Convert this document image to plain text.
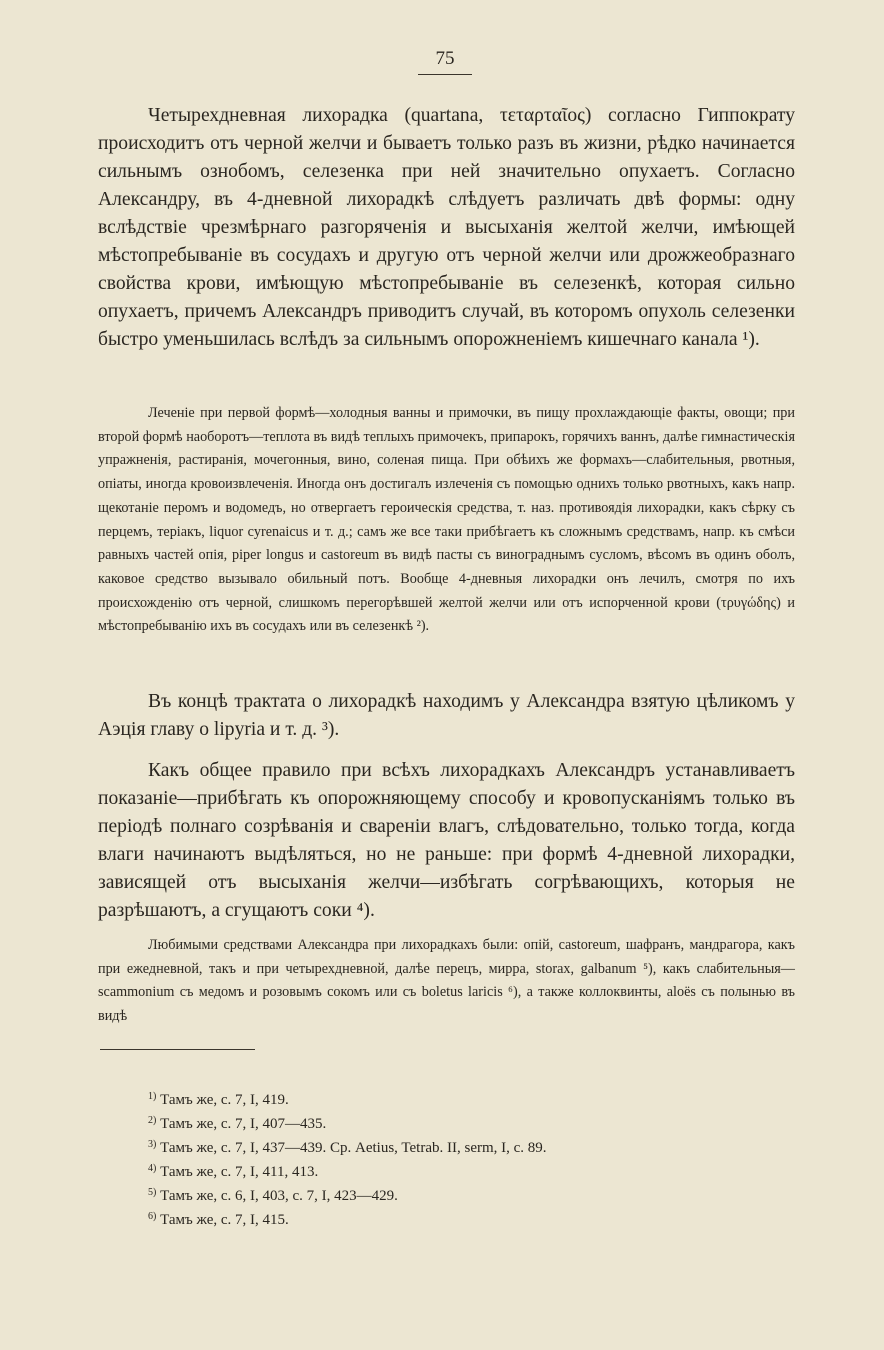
75

Четырехдневная лихорадка (quartana, τεταρταῖος) согласно Гиппократу происходитъ отъ черной желчи и бываетъ только разъ въ жизни, рѣдко начинается сильнымъ ознобомъ, селезенка при ней значительно опухаетъ. Согласно Александру, въ 4-дневной лихорадкѣ слѣдуетъ различать двѣ формы: одну вслѣдствіе чрезмѣрнаго разгоряченія и высыханія желтой желчи, имѣющей мѣстопребываніе въ сосудахъ и другую отъ черной желчи или дрожжеобразнаго свойства крови, имѣющую мѣстопребываніе въ селезенкѣ, которая сильно опухаетъ, причемъ Александръ приводитъ случай, въ которомъ опухоль селезенки быстро уменьшилась вслѣдъ за сильнымъ опорожненіемъ кишечнаго канала ¹).

Леченіе при первой формѣ—холодныя ванны и примочки, въ пищу прохлаждающіе факты, овощи; при второй формѣ наоборотъ—теплота въ видѣ теплыхъ примочекъ, припарокъ, горячихъ ваннъ, далѣе гимнастическія упражненія, растиранія, мочегонныя, вино, соленая пища. При обѣихъ же формахъ—слабительныя, рвотныя, опіаты, иногда кровоизвлеченія. Иногда онъ достигалъ излеченія съ помощью однихъ только рвотныхъ, какъ напр. щекотаніе перомъ и водомедъ, но отвергаетъ героическія средства, т. наз. противоядія лихорадки, какъ сѣрку съ перцемъ, теріакъ, liquor cyrenaicus и т. д.; самъ же все таки прибѣгаетъ къ сложнымъ средствамъ, напр. къ смѣси равныхъ частей опія, piper longus и castoreum въ видѣ пасты съ винограднымъ сусломъ, вѣсомъ въ одинъ оболъ, каковое средство вызывало обильный потъ. Вообще 4-дневныя лихорадки онъ лечилъ, смотря по ихъ происхожденію отъ черной, слишкомъ перегорѣвшей желтой желчи или отъ испорченной крови (τρυγώδης) и мѣстопребыванію ихъ въ сосудахъ или въ селезенкѣ ²).

Въ концѣ трактата о лихорадкѣ находимъ у Александра взятую цѣликомъ у Аэція главу о lipyria и т. д. ³).

Какъ общее правило при всѣхъ лихорадкахъ Александръ устанавливаетъ показаніе—прибѣгать къ опорожняющему способу и кровопусканіямъ только въ періодѣ полнаго созрѣванія и свареніи влагъ, слѣдовательно, только тогда, когда влаги начинаютъ выдѣляться, но не раньше: при формѣ 4-дневной лихорадки, зависящей отъ высыханія желчи—избѣгать согрѣвающихъ, которыя не разрѣшаютъ, а сгущаютъ соки ⁴).

Любимыми средствами Александра при лихорадкахъ были: опій, castoreum, шафранъ, мандрагора, какъ при ежедневной, такъ и при четырехдневной, далѣе перецъ, мирра, storax, galbanum ⁵), какъ слабительныя—scammonium съ медомъ и розовымъ сокомъ или съ boletus laricis ⁶), а также коллоквинты, aloës съ полынью въ видѣ

$^{1)}$ Тамъ же, с. 7, I, 419.
$^{2)}$ Тамъ же, с. 7, I, 407—435.
$^{3)}$ Тамъ же, с. 7, I, 437—439. Ср. Aetius, Tetrab. II, serm, I, с. 89.
$^{4)}$ Тамъ же, с. 7, I, 411, 413.
$^{5)}$ Тамъ же, с. 6, I, 403, с. 7, I, 423—429.
$^{6)}$ Тамъ же, с. 7, I, 415.
